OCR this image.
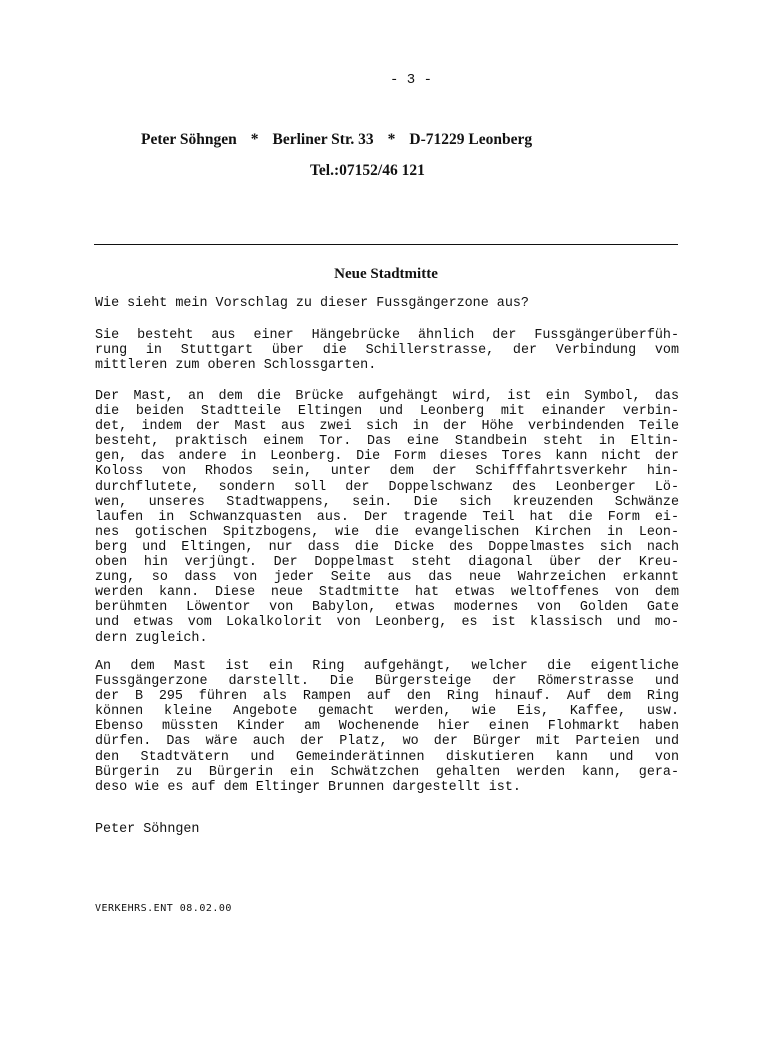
- 3 -
Peter Söhngen * Berliner Str. 33 * D-71229 Leonberg
Tel.:07152/46 121
Neue Stadtmitte
Wie sieht mein Vorschlag zu dieser Fussgängerzone aus?
Sie besteht aus einer Hängebrücke ähnlich der Fussgängerüberfüh-
rung in Stuttgart über die Schillerstrasse, der Verbindung vom
mittleren zum oberen Schlossgarten.
Der Mast, an dem die Brücke aufgehängt wird, ist ein Symbol, das
die beiden Stadtteile Eltingen und Leonberg mit einander verbin-
det, indem der Mast aus zwei sich in der Höhe verbindenden Teile
besteht, praktisch einem Tor. Das eine Standbein steht in Eltin-
gen, das andere in Leonberg. Die Form dieses Tores kann nicht der
Koloss von Rhodos sein, unter dem der Schifffahrtsverkehr hin-
durchflutete, sondern soll der Doppelschwanz des Leonberger Lö-
wen, unseres Stadtwappens, sein. Die sich kreuzenden Schwänze
laufen in Schwanzquasten aus. Der tragende Teil hat die Form ei-
nes gotischen Spitzbogens, wie die evangelischen Kirchen in Leon-
berg und Eltingen, nur dass die Dicke des Doppelmastes sich nach
oben hin verjüngt. Der Doppelmast steht diagonal über der Kreu-
zung, so dass von jeder Seite aus das neue Wahrzeichen erkannt
werden kann. Diese neue Stadtmitte hat etwas weltoffenes von dem
berühmten Löwentor von Babylon, etwas modernes von Golden Gate
und etwas vom Lokalkolorit von Leonberg, es ist klassisch und mo-
dern zugleich.
An dem Mast ist ein Ring aufgehängt, welcher die eigentliche
Fussgängerzone darstellt. Die Bürgersteige der Römerstrasse und
der B 295 führen als Rampen auf den Ring hinauf. Auf dem Ring
können kleine Angebote gemacht werden, wie Eis, Kaffee, usw.
Ebenso müssten Kinder am Wochenende hier einen Flohmarkt haben
dürfen. Das wäre auch der Platz, wo der Bürger mit Parteien und
den Stadtvätern und Gemeinderätinnen diskutieren kann und von
Bürgerin zu Bürgerin ein Schwätzchen gehalten werden kann, gera-
deso wie es auf dem Eltinger Brunnen dargestellt ist.
Peter Söhngen
VERKEHRS.ENT 08.02.00
